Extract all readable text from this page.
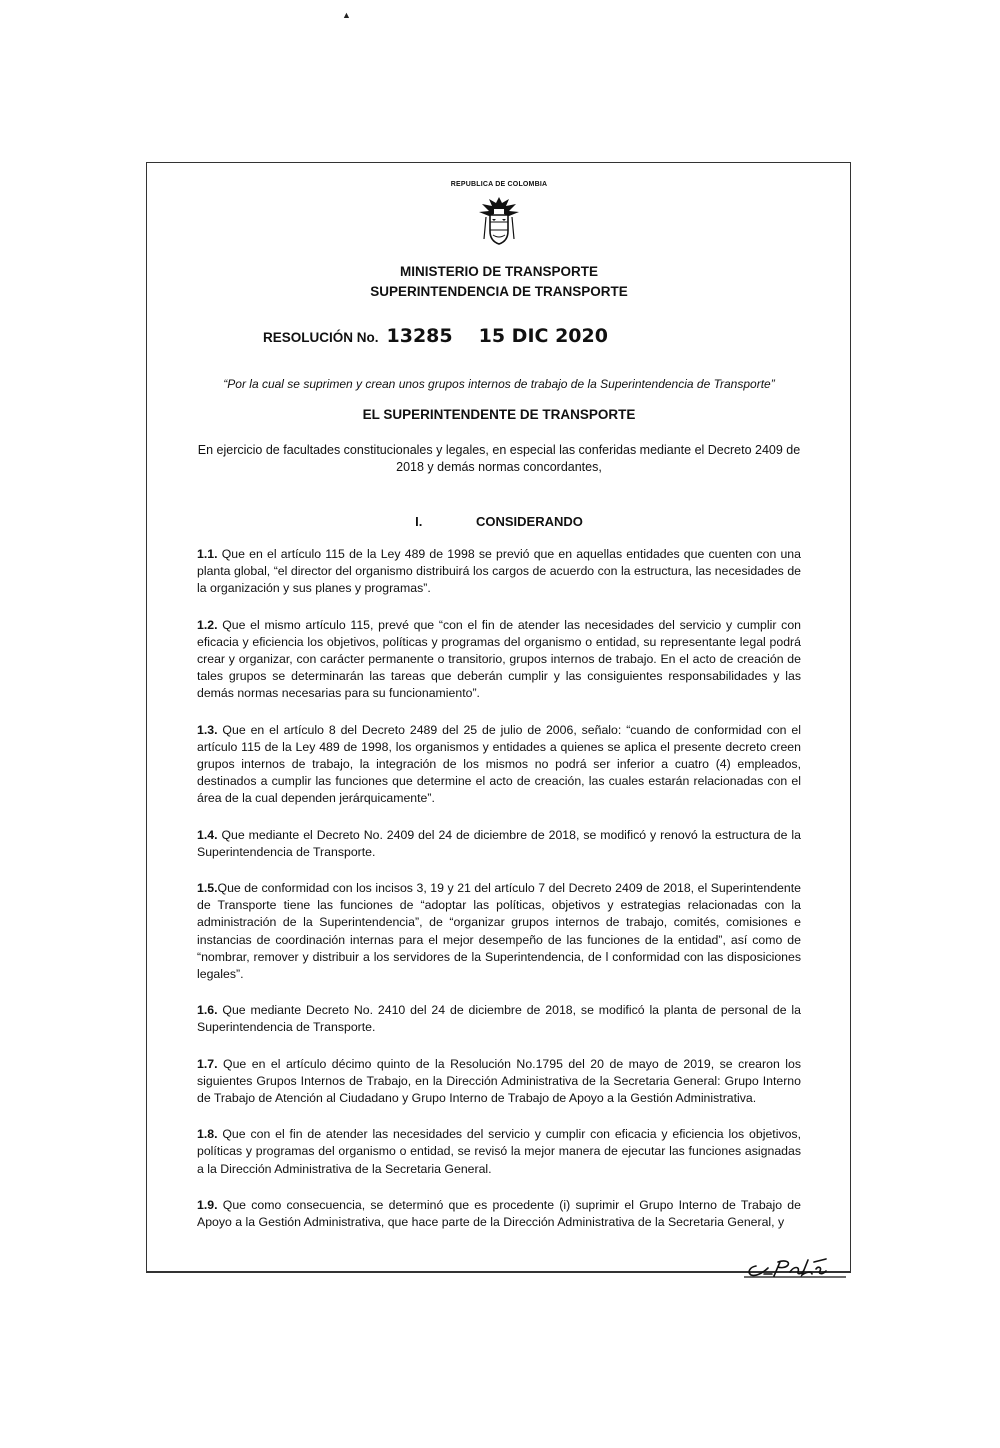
▲
REPUBLICA DE COLOMBIA
MINISTERIO DE TRANSPORTE
SUPERINTENDENCIA DE TRANSPORTE
RESOLUCIÓN No. 13285 15 DIC 2020
“Por la cual se suprimen y crean unos grupos internos de trabajo de la Superintendencia de Transporte”
EL SUPERINTENDENTE DE TRANSPORTE
En ejercicio de facultades constitucionales y legales, en especial las conferidas mediante el Decreto 2409 de 2018 y demás normas concordantes,
I.	CONSIDERANDO

1.1. Que en el artículo 115 de la Ley 489 de 1998 se previó que en aquellas entidades que cuenten con una planta global, “el director del organismo distribuirá los cargos de acuerdo con la estructura, las necesidades de la organización y sus planes y programas”.

1.2. Que el mismo artículo 115, prevé que “con el fin de atender las necesidades del servicio y cumplir con eficacia y eficiencia los objetivos, políticas y programas del organismo o entidad, su representante legal podrá crear y organizar, con carácter permanente o transitorio, grupos internos de trabajo. En el acto de creación de tales grupos se determinarán las tareas que deberán cumplir y las consiguientes responsabilidades y las demás normas necesarias para su funcionamiento”.

1.3. Que en el artículo 8 del Decreto 2489 del 25 de julio de 2006, señalo: “cuando de conformidad con el artículo 115 de la Ley 489 de 1998, los organismos y entidades a quienes se aplica el presente decreto creen grupos internos de trabajo, la integración de los mismos no podrá ser inferior a cuatro (4) empleados, destinados a cumplir las funciones que determine el acto de creación, las cuales estarán relacionadas con el área de la cual dependen jerárquicamente”.

1.4. Que mediante el Decreto No. 2409 del 24 de diciembre de 2018, se modificó y renovó la estructura de la Superintendencia de Transporte.

1.5.Que de conformidad con los incisos 3, 19 y 21 del artículo 7 del Decreto 2409 de 2018, el Superintendente de Transporte tiene las funciones de “adoptar las políticas, objetivos y estrategias relacionadas con la administración de la Superintendencia”, de “organizar grupos internos de trabajo, comités, comisiones e instancias de coordinación internas para el mejor desempeño de las funciones de la entidad”, así como de “nombrar, remover y distribuir a los servidores de la Superintendencia, de l conformidad con las disposiciones legales”.

1.6. Que mediante Decreto No. 2410 del 24 de diciembre de 2018, se modificó la planta de personal de la Superintendencia de Transporte.

1.7. Que en el artículo décimo quinto de la Resolución No.1795 del 20 de mayo de 2019, se crearon los siguientes Grupos Internos de Trabajo, en la Dirección Administrativa de la Secretaria General: Grupo Interno de Trabajo de Atención al Ciudadano y Grupo Interno de Trabajo de Apoyo a la Gestión Administrativa.

1.8. Que con el fin de atender las necesidades del servicio y cumplir con eficacia y eficiencia los objetivos, políticas y programas del organismo o entidad, se revisó la mejor manera de ejecutar las funciones asignadas a la Dirección Administrativa de la Secretaria General.

1.9. Que como consecuencia, se determinó que es procedente (i) suprimir el Grupo Interno de Trabajo de Apoyo a la Gestión Administrativa, que hace parte de la Dirección Administrativa de la Secretaria General, y
